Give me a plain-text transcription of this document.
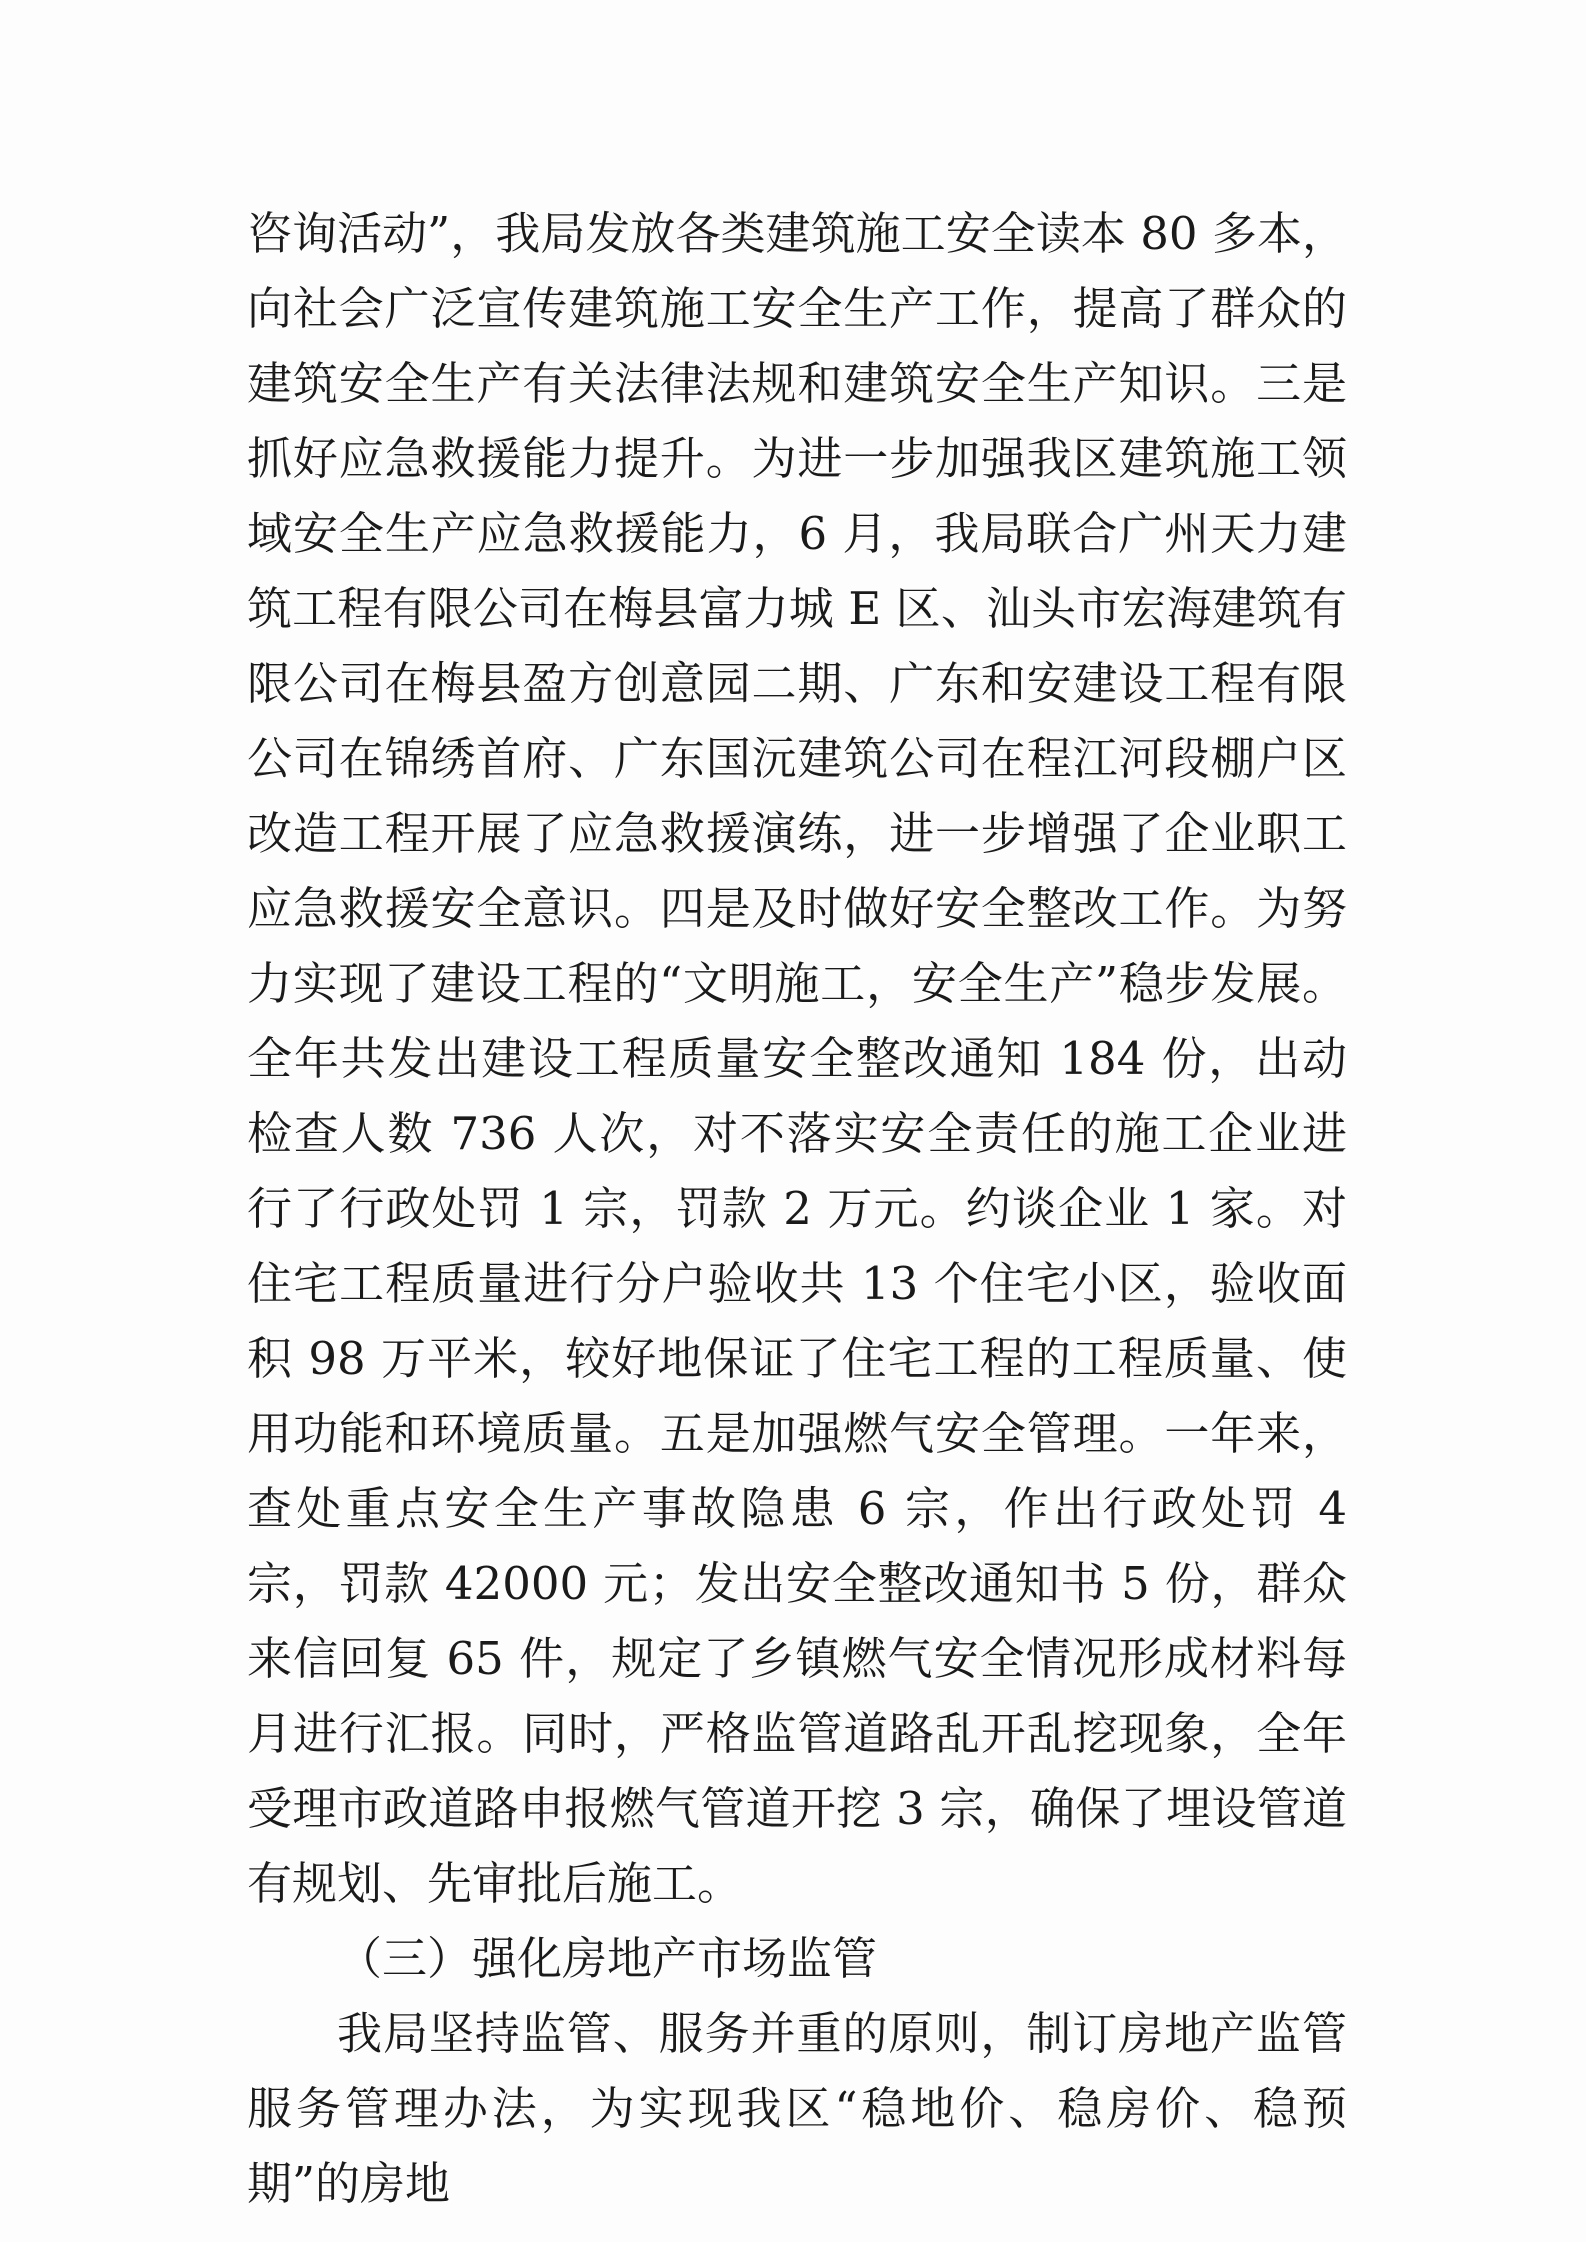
咨询活动”，我局发放各类建筑施工安全读本 80 多本，向社会广泛宣传建筑施工安全生产工作，提高了群众的建筑安全生产有关法律法规和建筑安全生产知识。三是抓好应急救援能力提升。为进一步加强我区建筑施工领域安全生产应急救援能力，6 月，我局联合广州天力建筑工程有限公司在梅县富力城 E 区、汕头市宏海建筑有限公司在梅县盈方创意园二期、广东和安建设工程有限公司在锦绣首府、广东国沅建筑公司在程江河段棚户区改造工程开展了应急救援演练，进一步增强了企业职工应急救援安全意识。四是及时做好安全整改工作。为努力实现了建设工程的“文明施工，安全生产”稳步发展。全年共发出建设工程质量安全整改通知 184 份，出动检查人数 736 人次，对不落实安全责任的施工企业进行了行政处罚 1 宗，罚款 2 万元。约谈企业 1 家。对住宅工程质量进行分户验收共 13 个住宅小区，验收面积 98 万平米，较好地保证了住宅工程的工程质量、使用功能和环境质量。五是加强燃气安全管理。一年来，查处重点安全生产事故隐患 6 宗，作出行政处罚 4 宗，罚款 42000 元；发出安全整改通知书 5 份，群众来信回复 65 件，规定了乡镇燃气安全情况形成材料每月进行汇报。同时，严格监管道路乱开乱挖现象，全年受理市政道路申报燃气管道开挖 3 宗，确保了埋设管道有规划、先审批后施工。

（三）强化房地产市场监管

我局坚持监管、服务并重的原则，制订房地产监管服务管理办法，为实现我区“稳地价、稳房价、稳预期”的房地
